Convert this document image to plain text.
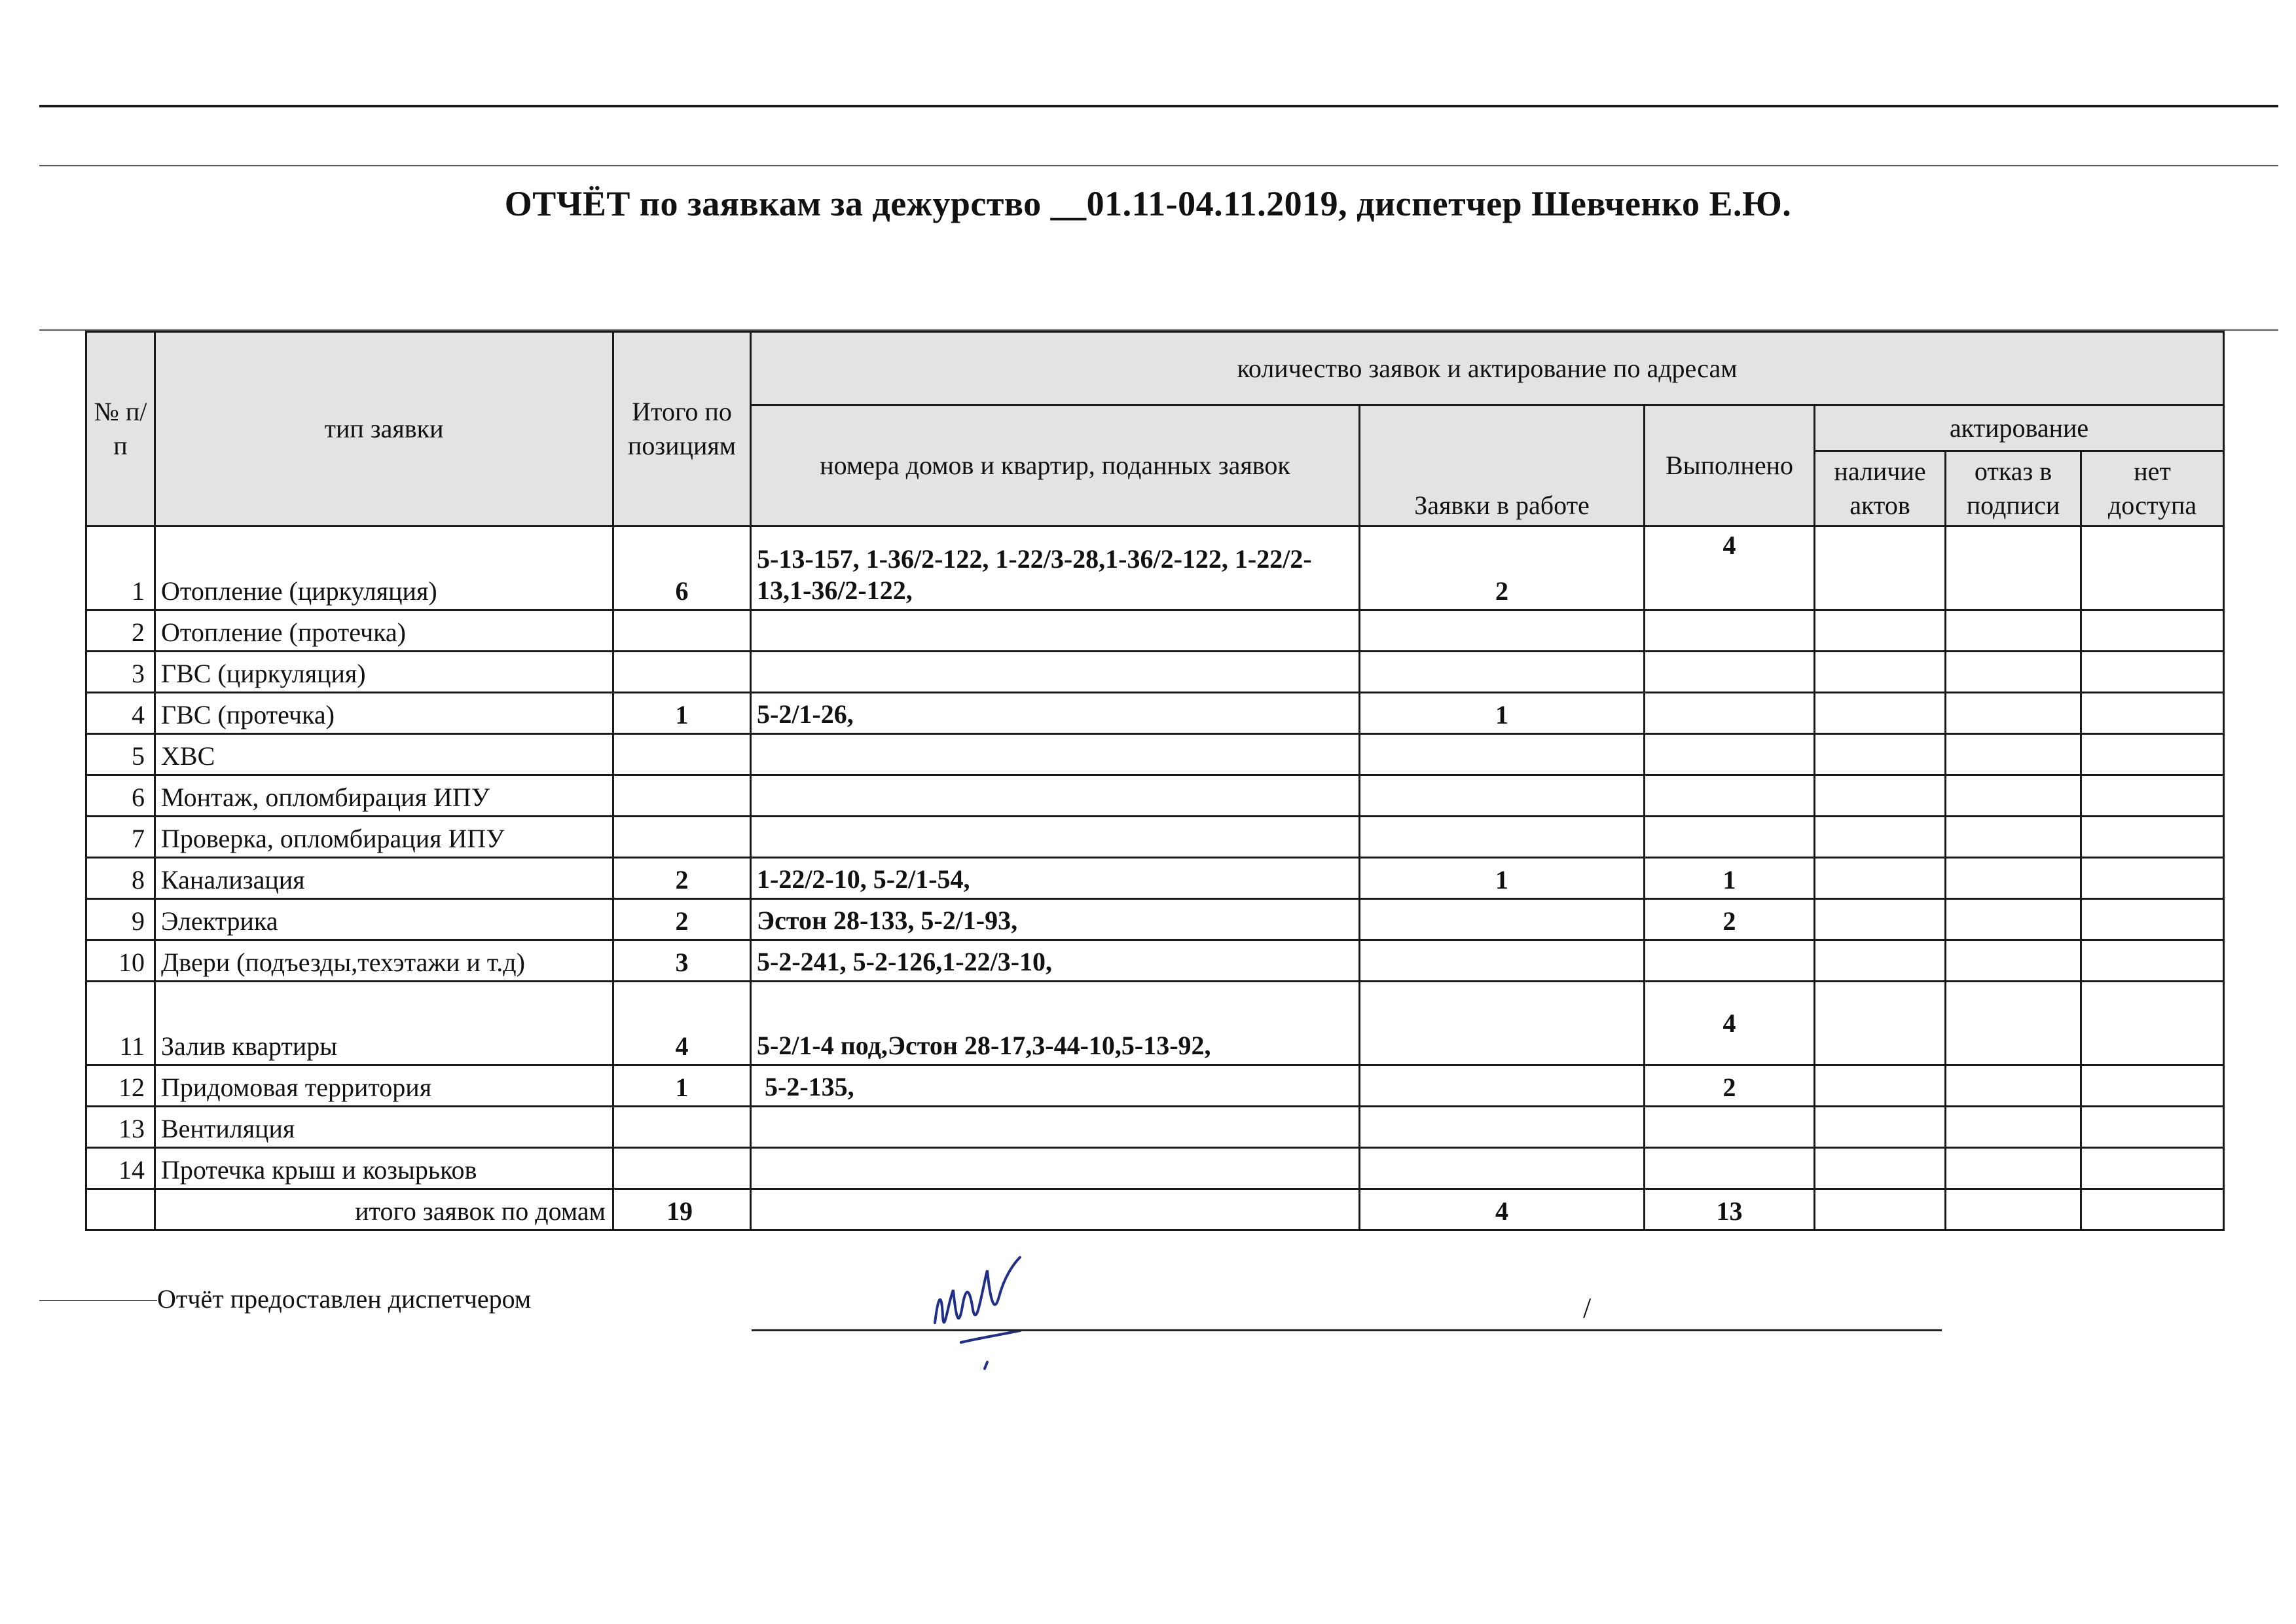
ОТЧЁТ по заявкам за дежурство __01.11-04.11.2019, диспетчер Шевченко Е.Ю.
№ п/п	тип заявки	Итого по позициям	количество заявок и актирование по адресам					
			номера домов и квартир, поданных заявок	Заявки в работе	Выполнено	актирование		
						наличие актов	отказ в подписи	нет доступа
1	Отопление (циркуляция)	6	5-13-157, 1-36/2-122, 1-22/3-28,1-36/2-122, 1-22/2-13,1-36/2-122,	2	4			
2	Отопление (протечка)							
3	ГВС (циркуляция)							
4	ГВС (протечка)	1	5-2/1-26,	1				
5	ХВС							
6	Монтаж, опломбирация ИПУ							
7	Проверка, опломбирация ИПУ							
8	Канализация	2	1-22/2-10, 5-2/1-54,	1	1			
9	Электрика	2	Эстон 28-133, 5-2/1-93,		2			
10	Двери (подъезды,техэтажи и т.д)	3	5-2-241, 5-2-126,1-22/3-10,					
11	Залив квартиры	4	5-2/1-4 под,Эстон 28-17,3-44-10,5-13-92,		4			
12	Придомовая территория	1	5-2-135,		2			
13	Вентиляция							
14	Протечка крыш и козырьков							
	итого заявок по домам	19		4	13			
Отчёт предоставлен диспетчером	/
